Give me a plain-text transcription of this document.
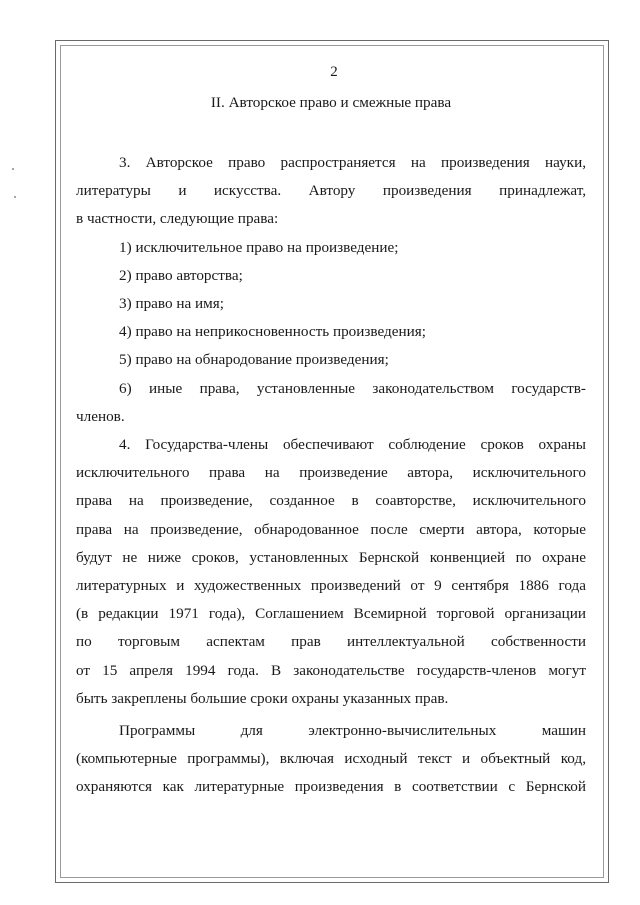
2
II. Авторское право и смежные права
3. Авторское право распространяется на произведения науки,
литературы и искусства. Автору произведения принадлежат,
в частности, следующие права:
1) исключительное право на произведение;
2) право авторства;
3) право на имя;
4) право на неприкосновенность произведения;
5) право на обнародование произведения;
6) иные права, установленные законодательством государств-
членов.
4. Государства-члены обеспечивают соблюдение сроков охраны
исключительного права на произведение автора, исключительного
права на произведение, созданное в соавторстве, исключительного
права на произведение, обнародованное после смерти автора, которые
будут не ниже сроков, установленных Бернской конвенцией по охране
литературных и художественных произведений от 9 сентября 1886 года
(в редакции 1971 года), Соглашением Всемирной торговой организации
по торговым аспектам прав интеллектуальной собственности
от 15 апреля 1994 года. В законодательстве государств-членов могут
быть закреплены большие сроки охраны указанных прав.
Программы для электронно-вычислительных машин
(компьютерные программы), включая исходный текст и объектный код,
охраняются как литературные произведения в соответствии с Бернской
